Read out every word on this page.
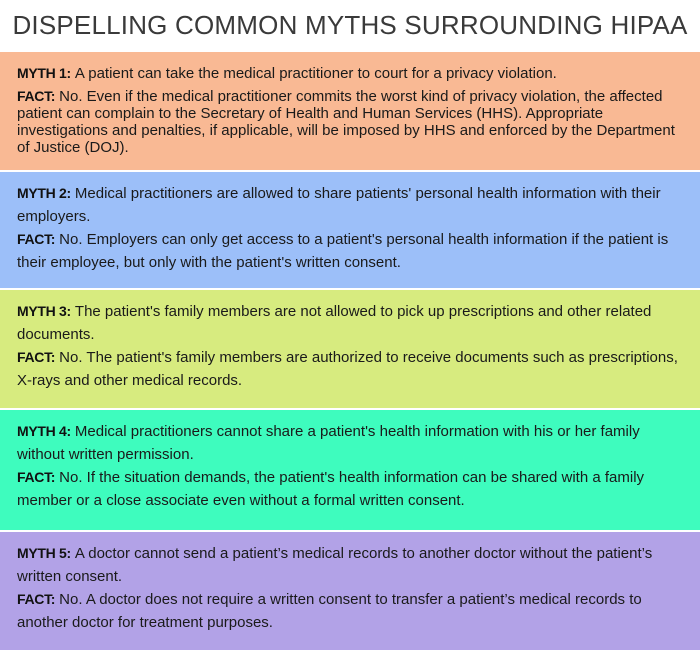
DISPELLING COMMON MYTHS SURROUNDING HIPAA

MYTH 1: A patient can take the medical practitioner to court for a privacy violation.

FACT: No. Even if the medical practitioner commits the worst kind of privacy violation, the affected patient can complain to the Secretary of Health and Human Services (HHS). Appropriate investigations and penalties, if applicable, will be imposed by HHS and enforced by the Department of Justice (DOJ).

MYTH 2: Medical practitioners are allowed to share patients' personal health information with their employers.

FACT: No. Employers can only get access to a patient's personal health information if the patient is their employee, but only with the patient's written consent.

MYTH 3: The patient's family members are not allowed to pick up prescriptions and other related documents.

FACT: No. The patient's family members are authorized to receive documents such as prescriptions, X-rays and other medical records.

MYTH 4: Medical practitioners cannot share a patient's health information with his or her family without written permission.

FACT: No. If the situation demands, the patient's health information can be shared with a family member or a close associate even without a formal written consent.

MYTH 5: A doctor cannot send a patient’s medical records to another doctor without the patient’s written consent.

FACT: No. A doctor does not require a written consent to transfer a patient’s medical records to another doctor for treatment purposes.
